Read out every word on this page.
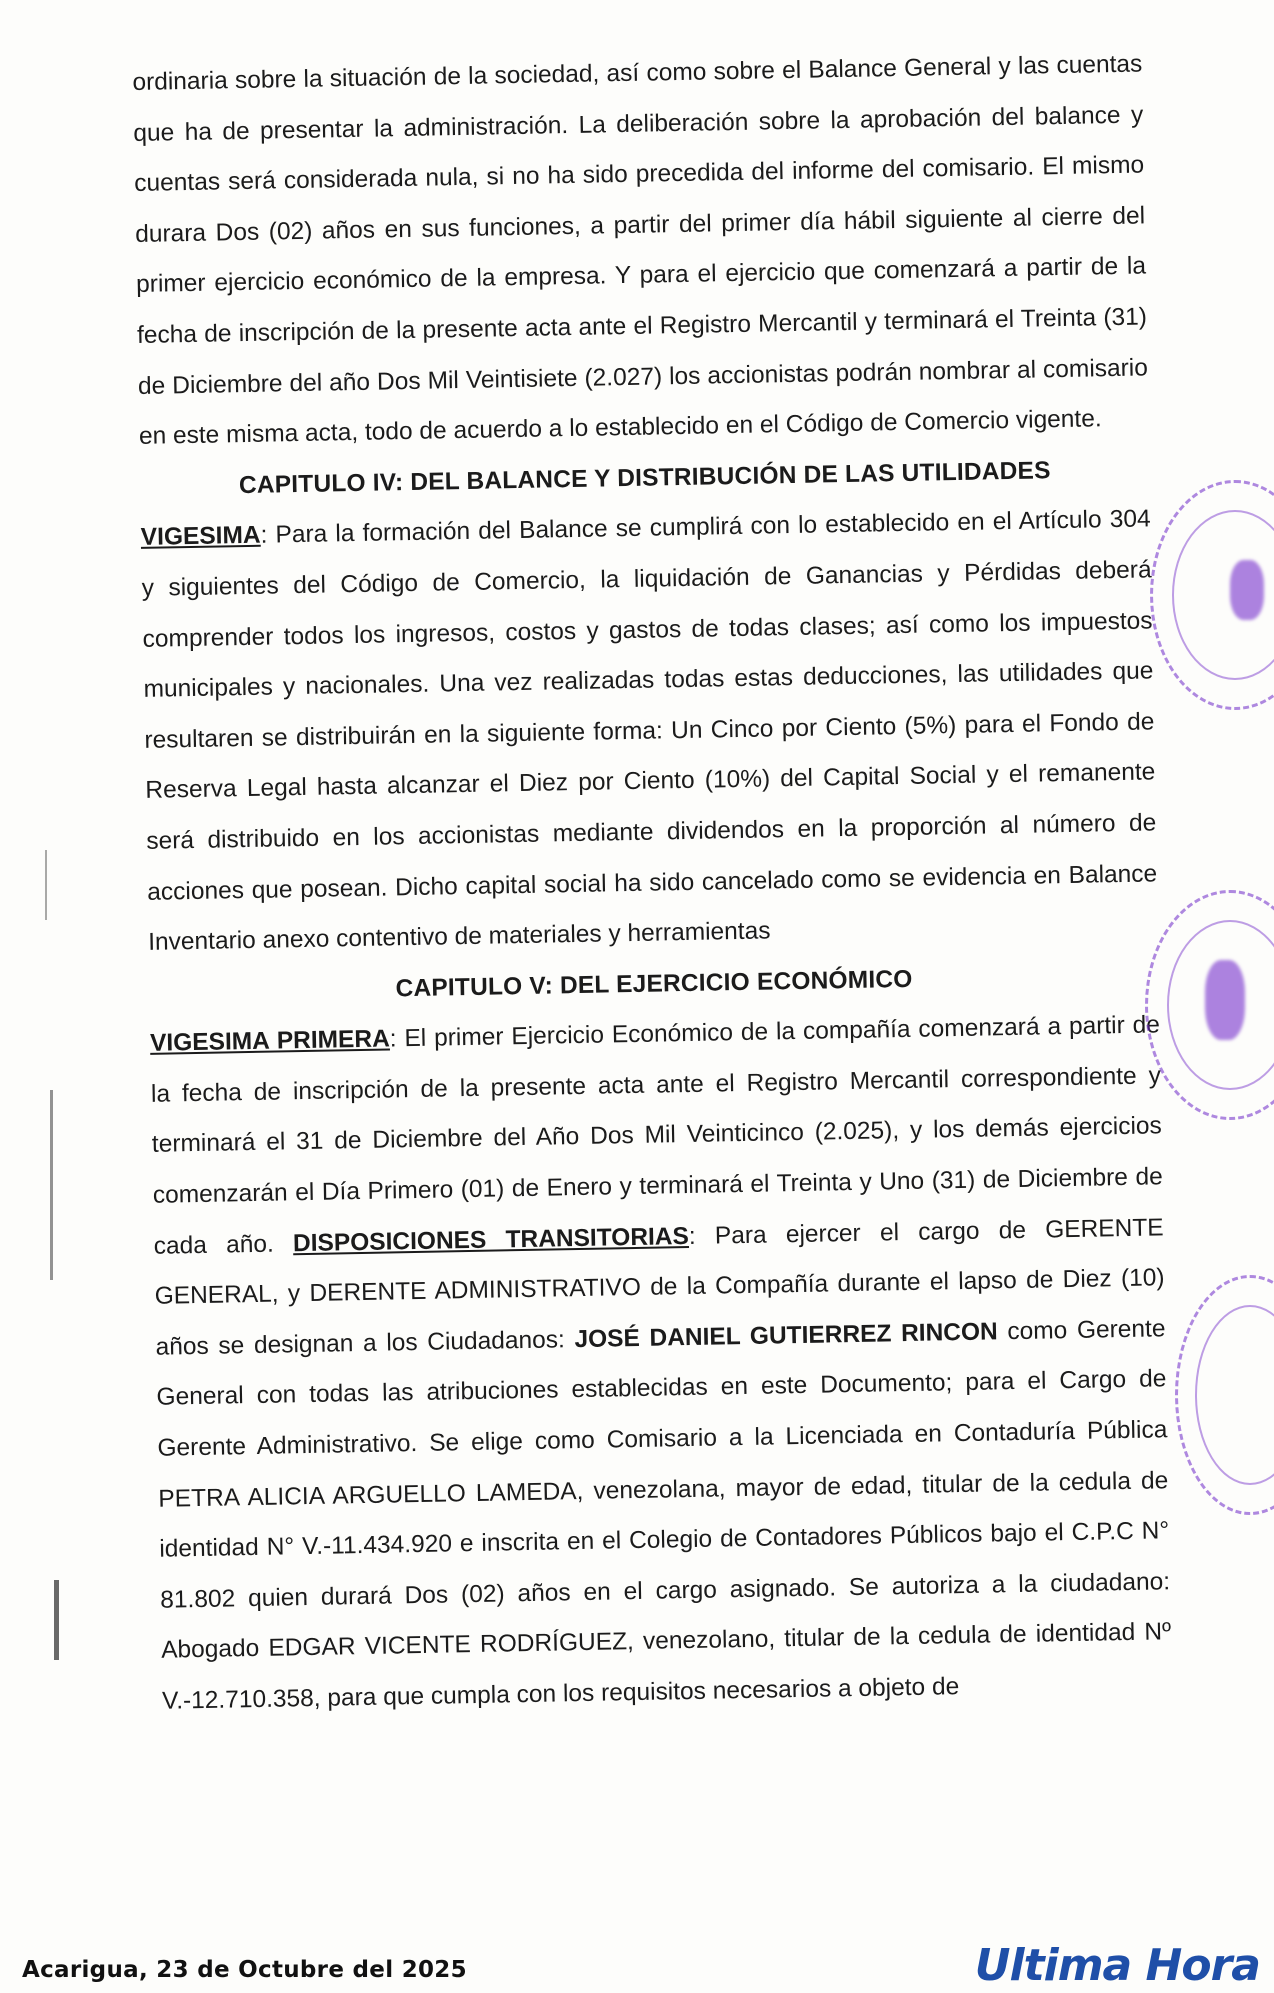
ordinaria sobre la situación de la sociedad, así como sobre el Balance General y las cuentas que ha de presentar la administración. La deliberación sobre la aprobación del balance y cuentas será considerada nula, si no ha sido precedida del informe del comisario. El mismo durara Dos (02) años en sus funciones, a partir del primer día hábil siguiente al cierre del primer ejercicio económico de la empresa. Y para el ejercicio que comenzará a partir de la fecha de inscripción de la presente acta ante el Registro Mercantil y terminará el Treinta (31) de Diciembre del año Dos Mil Veintisiete (2.027) los accionistas podrán nombrar al comisario en este misma acta, todo de acuerdo a lo establecido en el Código de Comercio vigente.

CAPITULO IV: DEL BALANCE Y DISTRIBUCIÓN DE LAS UTILIDADES

VIGESIMA: Para la formación del Balance se cumplirá con lo establecido en el Artículo 304 y siguientes del Código de Comercio, la liquidación de Ganancias y Pérdidas deberá comprender todos los ingresos, costos y gastos de todas clases; así como los impuestos municipales y nacionales. Una vez realizadas todas estas deducciones, las utilidades que resultaren se distribuirán en la siguiente forma: Un Cinco por Ciento (5%) para el Fondo de Reserva Legal hasta alcanzar el Diez por Ciento (10%) del Capital Social y el remanente será distribuido en los accionistas mediante dividendos en la proporción al número de acciones que posean. Dicho capital social ha sido cancelado como se evidencia en Balance Inventario anexo contentivo de materiales y herramientas

CAPITULO V: DEL EJERCICIO ECONÓMICO

VIGESIMA PRIMERA: El primer Ejercicio Económico de la compañía comenzará a partir de la fecha de inscripción de la presente acta ante el Registro Mercantil correspondiente y terminará el 31 de Diciembre del Año Dos Mil Veinticinco (2.025), y los demás ejercicios comenzarán el Día Primero (01) de Enero y terminará el Treinta y Uno (31) de Diciembre de cada año. DISPOSICIONES TRANSITORIAS: Para ejercer el cargo de GERENTE GENERAL, y DERENTE ADMINISTRATIVO de la Compañía durante el lapso de Diez (10) años se designan a los Ciudadanos: JOSÉ DANIEL GUTIERREZ RINCON como Gerente General con todas las atribuciones establecidas en este Documento; para el Cargo de Gerente Administrativo. Se elige como Comisario a la Licenciada en Contaduría Pública PETRA ALICIA ARGUELLO LAMEDA, venezolana, mayor de edad, titular de la cedula de identidad N° V.-11.434.920 e inscrita en el Colegio de Contadores Públicos bajo el C.P.C N° 81.802 quien durará Dos (02) años en el cargo asignado. Se autoriza a la ciudadano: Abogado EDGAR VICENTE RODRÍGUEZ, venezolano, titular de la cedula de identidad Nº V.-12.710.358, para que cumpla con los requisitos necesarios a objeto de

Acarigua, 23 de Octubre del 2025	Ultima Hora
